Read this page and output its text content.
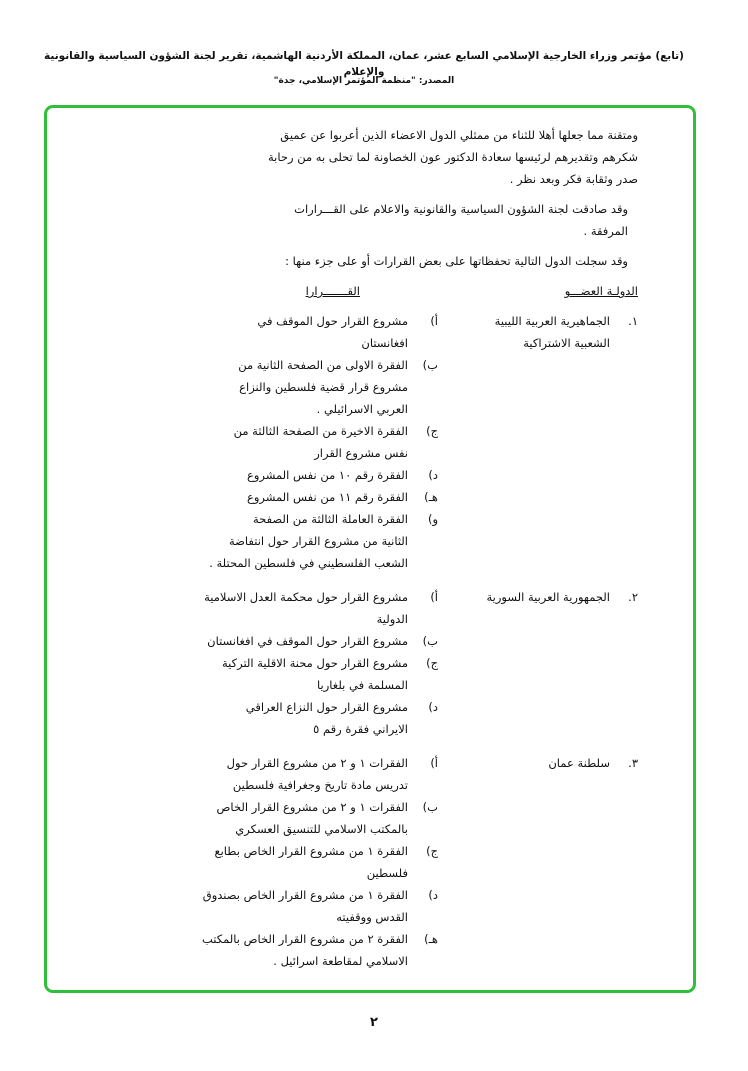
(تابع) مؤتمر وزراء الخارجية الإسلامي السابع عشر، عمان، المملكة الأردنية الهاشمية، تقرير لجنة الشؤون السياسية والقانونية والإعلام
المصدر: "منظمة المؤتمر الإسلامي، جدة"
ومتقنة مما جعلها أهلا للثناء من ممثلي الدول الاعضاء الذين أعربوا عن عميق
شكرهم وتقديرهم لرئيسها سعادة الدكتور عون الخصاونة لما تحلى به من رحابة
صدر وثقابة فكر وبعد نظر .
وقد صادقت لجنة الشؤون السياسية والقانونية والاعلام على القـــرارات
المرفقة .
وقد سجلت الدول التالية تحفظاتها على بعض القرارات أو على جزء منها :
الدولـة العضـــو
القـــــــرارا
١.
الجماهيرية العربية الليبية
الشعبية الاشتراكية
أ)
مشروع القرار حول الموقف في
افغانستان
ب)
الفقرة الاولى من الصفحة الثانية من
مشروع قرار قضية فلسطين والنزاع
العربي الاسرائيلي .
ج)
الفقرة الاخيرة من الصفحة الثالثة من
نفس مشروع القرار
د)
الفقرة رقم ١٠ من نفس المشروع
هـ)
الفقرة رقم ١١ من نفس المشروع
و)
الفقرة العاملة الثالثة من الصفحة
الثانية من مشروع القرار حول انتفاضة
الشعب الفلسطيني في فلسطين المحتلة .
٢.
الجمهورية العربية السورية
أ)
مشروع القرار حول محكمة العدل الاسلامية
الدولية
ب)
مشروع القرار حول الموقف في افغانستان
ج)
مشروع القرار حول محنة الاقلية التركية
المسلمة في بلغاريا
د)
مشروع القرار حول النزاع العراقي
الايراني فقرة رقم ٥
٣.
سلطنة عمان
أ)
الفقرات ١ و ٢ من مشروع القرار حول
تدريس مادة تاريخ وجغرافية فلسطين
ب)
الفقرات ١ و ٢ من مشروع القرار الخاص
بالمكتب الاسلامي للتنسيق العسكري
ج)
الفقرة ١ من مشروع القرار الخاص بطابع
فلسطين
د)
الفقرة ١ من مشروع القرار الخاص بصندوق
القدس ووقفيته
هـ)
الفقرة ٢ من مشروع القرار الخاص بالمكتب
الاسلامي لمقاطعة اسرائيل .
٢
